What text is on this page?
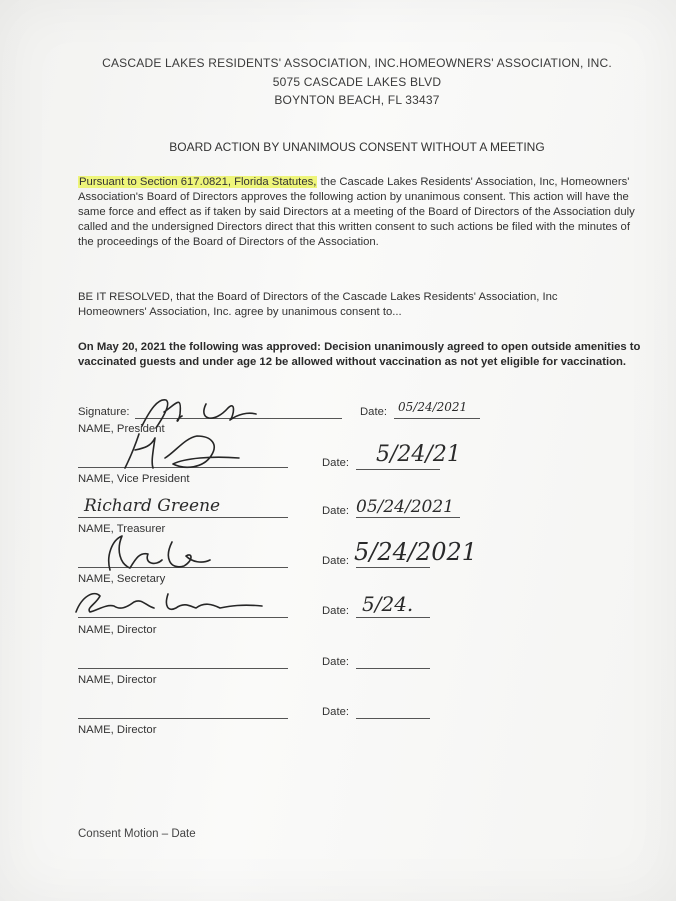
CASCADE LAKES RESIDENTS' ASSOCIATION, INC.HOMEOWNERS' ASSOCIATION, INC.
5075 CASCADE LAKES BLVD
BOYNTON BEACH, FL 33437
BOARD ACTION BY UNANIMOUS CONSENT WITHOUT A MEETING
Pursuant to Section 617.0821, Florida Statutes, the Cascade Lakes Residents' Association, Inc, Homeowners' Association's Board of Directors approves the following action by unanimous consent. This action will have the same force and effect as if taken by said Directors at a meeting of the Board of Directors of the Association duly called and the undersigned Directors direct that this written consent to such actions be filed with the minutes of the proceedings of the Board of Directors of the Association.
BE IT RESOLVED, that the Board of Directors of the Cascade Lakes Residents' Association, Inc Homeowners' Association, Inc. agree by unanimous consent to...
On May 20, 2021 the following was approved: Decision unanimously agreed to open outside amenities to vaccinated guests and under age 12 be allowed without vaccination as not yet eligible for vaccination.
Signature:	Date: 05/24/2021
NAME, President
Date: 5/24/21
NAME, Vice President
Richard Greene	Date: 05/24/2021
NAME, Treasurer
Date: 5/24/2021
NAME, Secretary
Date: 5/24.
NAME, Director
Date:
NAME, Director
Date:
NAME, Director
Consent Motion – Date
